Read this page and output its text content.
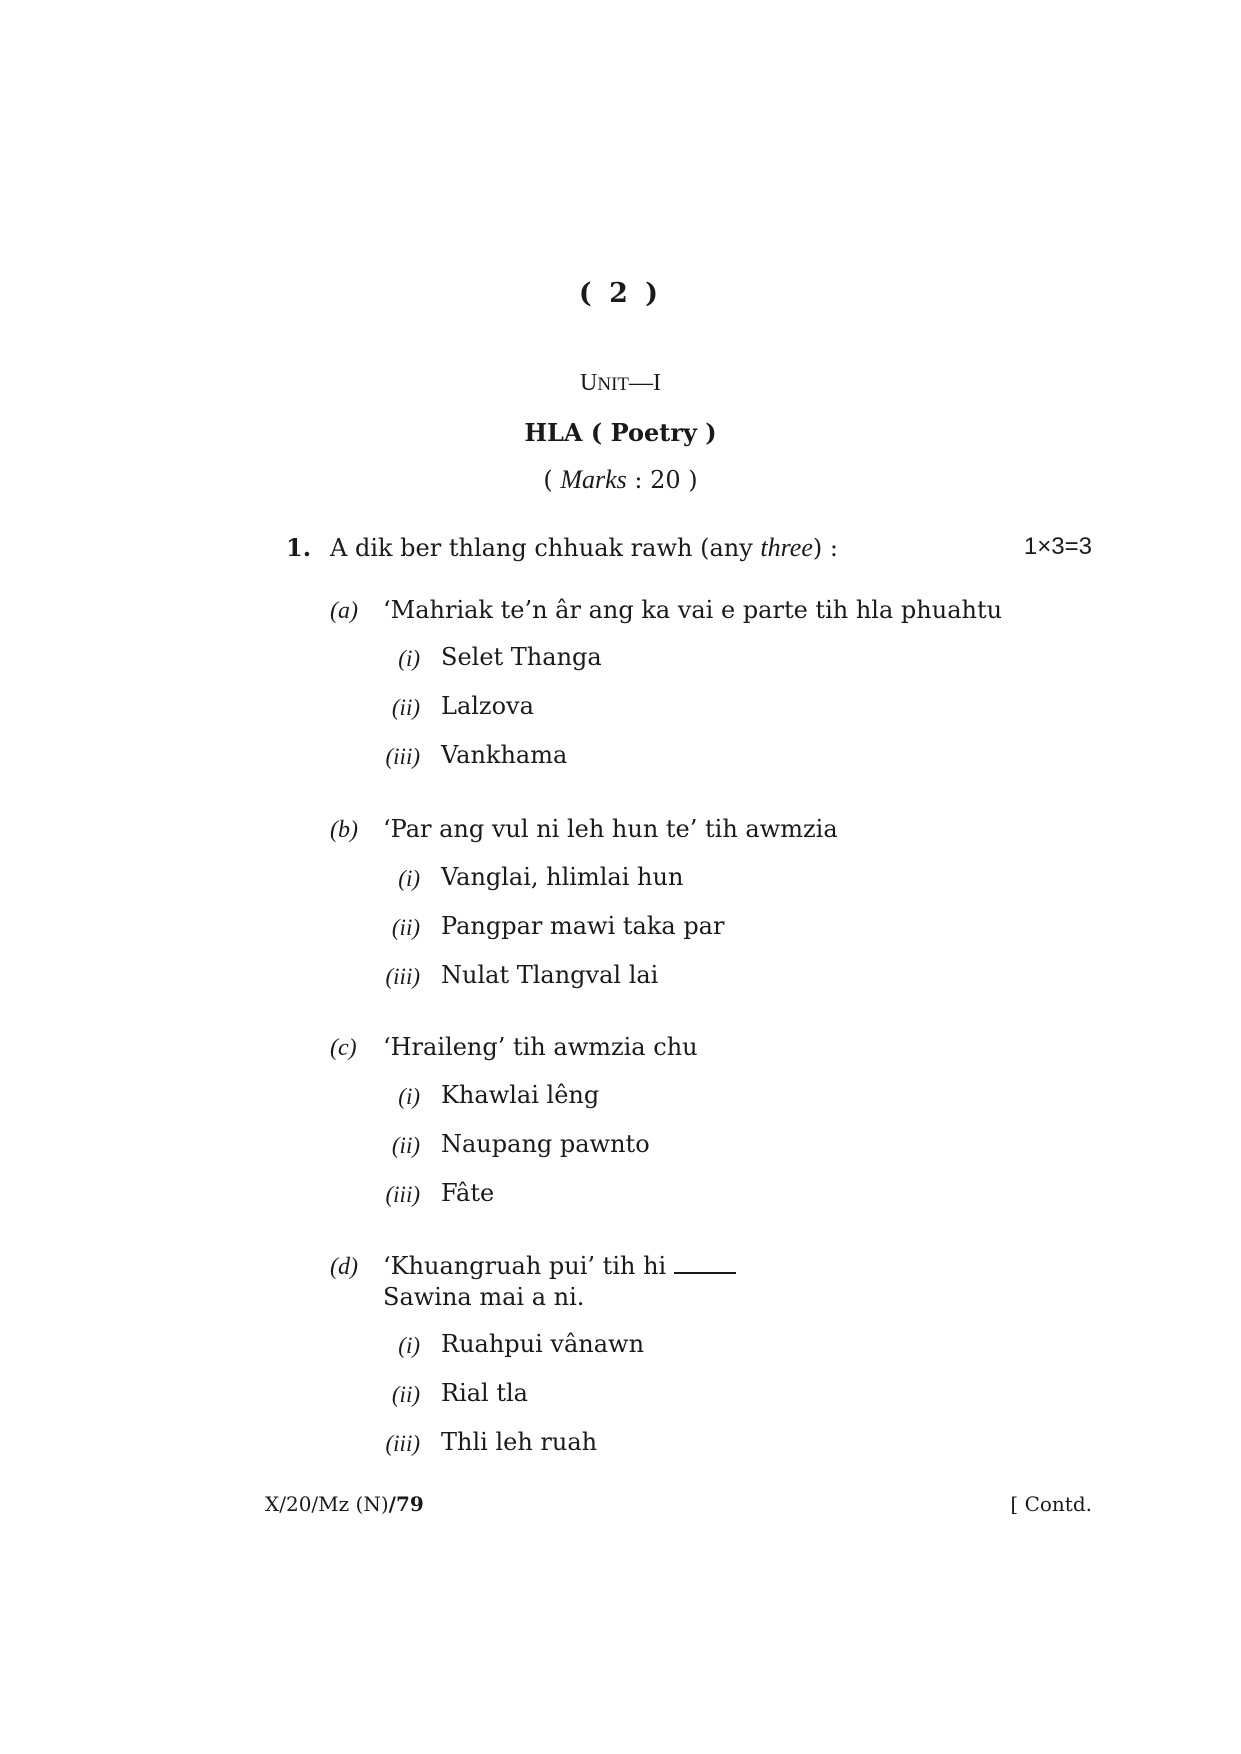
( 2 )
UNIT—I
HLA ( Poetry )
( Marks : 20 )
1. A dik ber thlang chhuak rawh (any three) :	1×3=3
(a) ‘Mahriak te’n âr ang ka vai e parte tih hla phuahtu
(i) Selet Thanga
(ii) Lalzova
(iii) Vankhama
(b) ‘Par ang vul ni leh hun te’ tih awmzia
(i) Vanglai, hlimlai hun
(ii) Pangpar mawi taka par
(iii) Nulat Tlangval lai
(c) ‘Hraileng’ tih awmzia chu
(i) Khawlai lêng
(ii) Naupang pawnto
(iii) Fâte
(d) ‘Khuangruah pui’ tih hi
Sawina mai a ni.
(i) Ruahpui vânawn
(ii) Rial tla
(iii) Thli leh ruah
X/20/Mz (N)/79	[ Contd.
